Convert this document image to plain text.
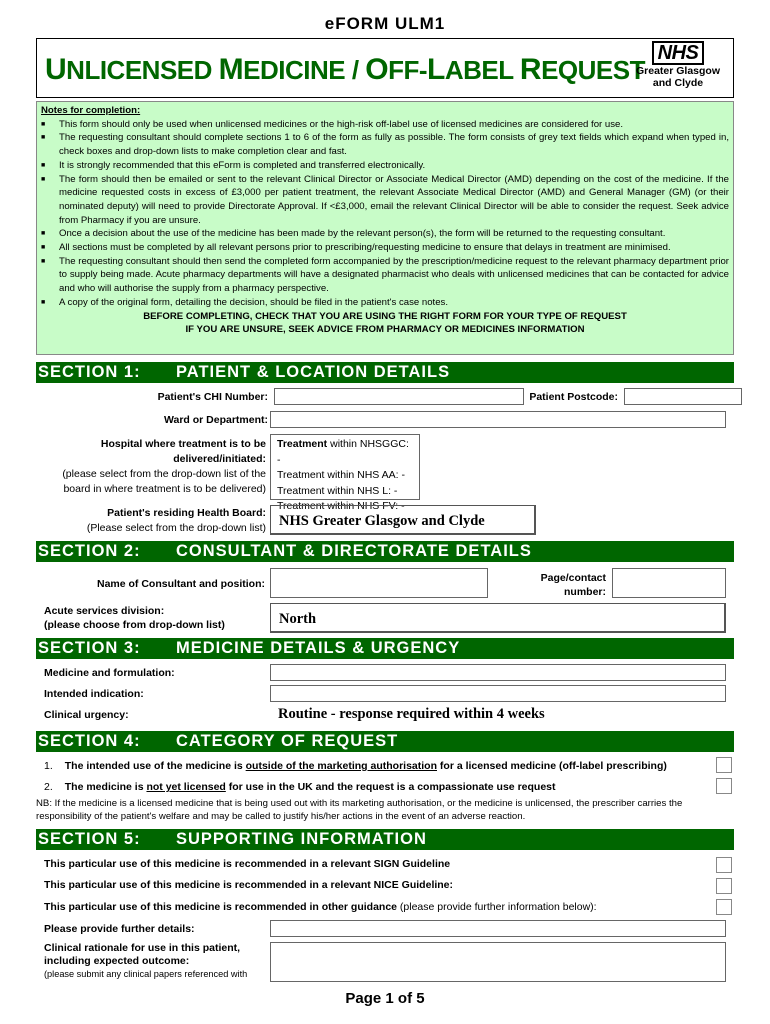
eFORM ULM1
UNLICENSED MEDICINE / OFF-LABEL REQUEST
NHS
Greater Glasgow
and Clyde
Notes for completion:
■ This form should only be used when unlicensed medicines or the high-risk off-label use of licensed medicines are considered for use.
■ The requesting consultant should complete sections 1 to 6 of the form as fully as possible. The form consists of grey text fields which expand when typed in, check boxes and drop-down lists to make completion clear and fast.
■ It is strongly recommended that this eForm is completed and transferred electronically.
■ The form should then be emailed or sent to the relevant Clinical Director or Associate Medical Director (AMD) depending on the cost of the medicine. If the medicine requested costs in excess of £3,000 per patient treatment, the relevant Associate Medical Director (AMD) and General Manager (GM) (or their nominated deputy) will need to provide Directorate Approval. If <£3,000, email the relevant Clinical Director will be able to consider the request. Seek advice from Pharmacy if you are unsure.
■ Once a decision about the use of the medicine has been made by the relevant person(s), the form will be returned to the requesting consultant.
■ All sections must be completed by all relevant persons prior to prescribing/requesting medicine to ensure that delays in treatment are minimised.
■ The requesting consultant should then send the completed form accompanied by the prescription/medicine request to the relevant pharmacy department prior to supply being made. Acute pharmacy departments will have a designated pharmacist who deals with unlicensed medicines that can be contacted for advice and who will authorise the supply from a pharmacy perspective.
■ A copy of the original form, detailing the decision, should be filed in the patient's case notes.
BEFORE COMPLETING, CHECK THAT YOU ARE USING THE RIGHT FORM FOR YOUR TYPE OF REQUEST
IF YOU ARE UNSURE, SEEK ADVICE FROM PHARMACY OR MEDICINES INFORMATION
SECTION 1: PATIENT & LOCATION DETAILS
Patient's CHI Number:	Patient Postcode:
Ward or Department:
Hospital where treatment is to be
delivered/initiated:
(please select from the drop-down list of the
board in where treatment is to be delivered)
Treatment within NHSGGC: -
Treatment within NHS AA: -
Treatment within NHS L: -
Treatment within NHS FV: -
Patient's residing Health Board:
(Please select from the drop-down list) NHS Greater Glasgow and Clyde
SECTION 2: CONSULTANT & DIRECTORATE DETAILS
Name of Consultant and position:	Page/contact
number:
Acute services division:
(please choose from drop-down list)	North
SECTION 3: MEDICINE DETAILS & URGENCY
Medicine and formulation:
Intended indication:
Clinical urgency:	Routine - response required within 4 weeks
SECTION 4: CATEGORY OF REQUEST
1. The intended use of the medicine is outside of the marketing authorisation for a licensed medicine (off-label prescribing)
2. The medicine is not yet licensed for use in the UK and the request is a compassionate use request
NB: If the medicine is a licensed medicine that is being used out with its marketing authorisation, or the medicine is unlicensed, the prescriber carries the responsibility of the patient's welfare and may be called to justify his/her actions in the event of an adverse reaction.
SECTION 5: SUPPORTING INFORMATION
This particular use of this medicine is recommended in a relevant SIGN Guideline
This particular use of this medicine is recommended in a relevant NICE Guideline:
This particular use of this medicine is recommended in other guidance (please provide further information below):
Please provide further details:
Clinical rationale for use in this patient,
including expected outcome:
(please submit any clinical papers referenced with
Page 1 of 5
